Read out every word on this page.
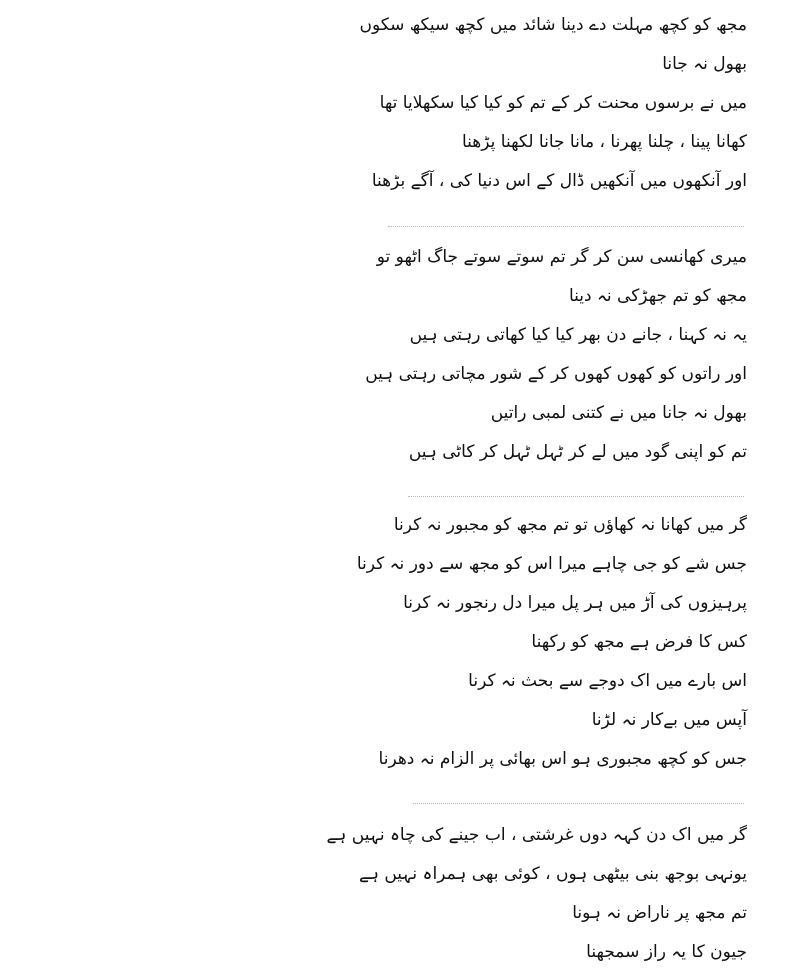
مجھ کو کچھ مہلت دے دینا شائد میں کچھ سیکھ سکوں
بھول نہ جانا
میں نے برسوں محنت کر کے تم کو کیا کیا سکھلایا تھا
کھانا پینا ، چلنا پھرنا ، مانا جانا لکھنا پڑھنا
اور آنکھوں میں آنکھیں ڈال کے اس دنیا کی ، آگے بڑھنا
میری کھانسی سن کر گر تم سوتے سوتے جاگ اٹھو تو
مجھ کو تم جھڑکی نہ دینا
یہ نہ کہنا ، جانے دن بھر کیا کیا کھاتی رہتی ہیں
اور راتوں کو کھوں کھوں کر کے شور مچاتی رہتی ہیں
بھول نہ جانا میں نے کتنی لمبی راتیں
تم کو اپنی گود میں لے کر ٹہل ٹہل کر کاٹی ہیں
گر میں کھانا نہ کھاؤں تو تم مجھ کو مجبور نہ کرنا
جس شے کو جی چاہے میرا اس کو مجھ سے دور نہ کرنا
پرہیزوں کی آڑ میں ہر پل میرا دل رنجور نہ کرنا
کس کا فرض ہے مجھ کو رکھنا
اس بارے میں اک دوجے سے بحث نہ کرنا
آپس میں بےکار نہ لڑنا
جس کو کچھ مجبوری ہو اس بھائی پر الزام نہ دھرنا
گر میں اک دن کہہ دوں غرشتی ، اب جینے کی چاہ نہیں ہے
یونہی بوجھ بنی بیٹھی ہوں ، کوئی بھی ہمراہ نہیں ہے
تم مجھ پر ناراض نہ ہونا
جیون کا یہ راز سمجھنا
